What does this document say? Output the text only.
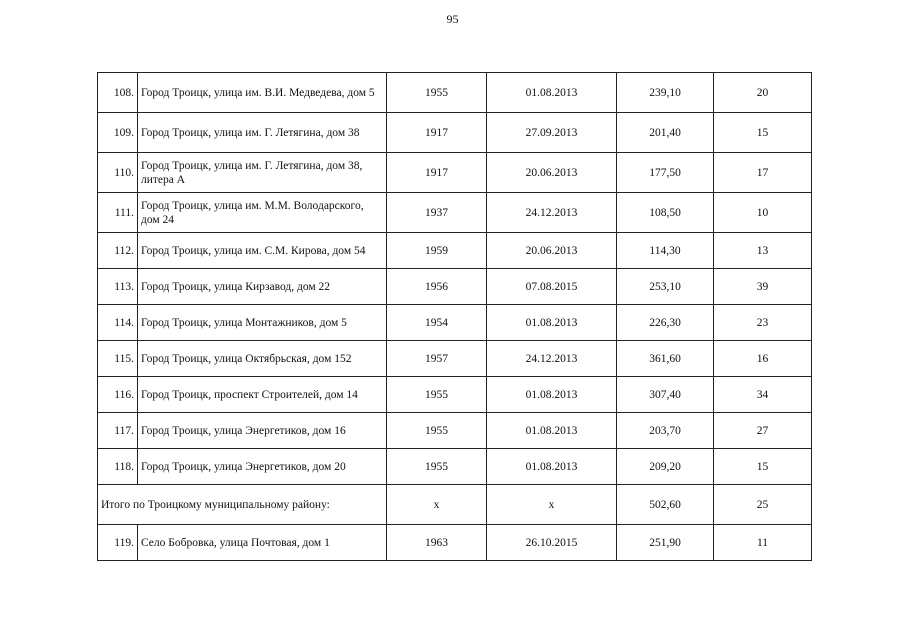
95
108.	Город Троицк, улица им. В.И. Медведева, дом 5	1955	01.08.2013	239,10	20
109.	Город Троицк, улица им. Г. Летягина, дом 38	1917	27.09.2013	201,40	15
110.	Город Троицк, улица им. Г. Летягина, дом 38, литера А	1917	20.06.2013	177,50	17
111.	Город Троицк, улица им. М.М. Володарского, дом 24	1937	24.12.2013	108,50	10
112.	Город Троицк, улица им. С.М. Кирова, дом 54	1959	20.06.2013	114,30	13
113.	Город Троицк, улица Кирзавод, дом 22	1956	07.08.2015	253,10	39
114.	Город Троицк, улица Монтажников, дом 5	1954	01.08.2013	226,30	23
115.	Город Троицк, улица Октябрьская, дом 152	1957	24.12.2013	361,60	16
116.	Город Троицк, проспект Строителей, дом 14	1955	01.08.2013	307,40	34
117.	Город Троицк, улица Энергетиков, дом 16	1955	01.08.2013	203,70	27
118.	Город Троицк, улица Энергетиков, дом 20	1955	01.08.2013	209,20	15
Итого по Троицкому муниципальному району:		х	х	502,60	25
119.	Село Бобровка, улица Почтовая, дом 1	1963	26.10.2015	251,90	11
